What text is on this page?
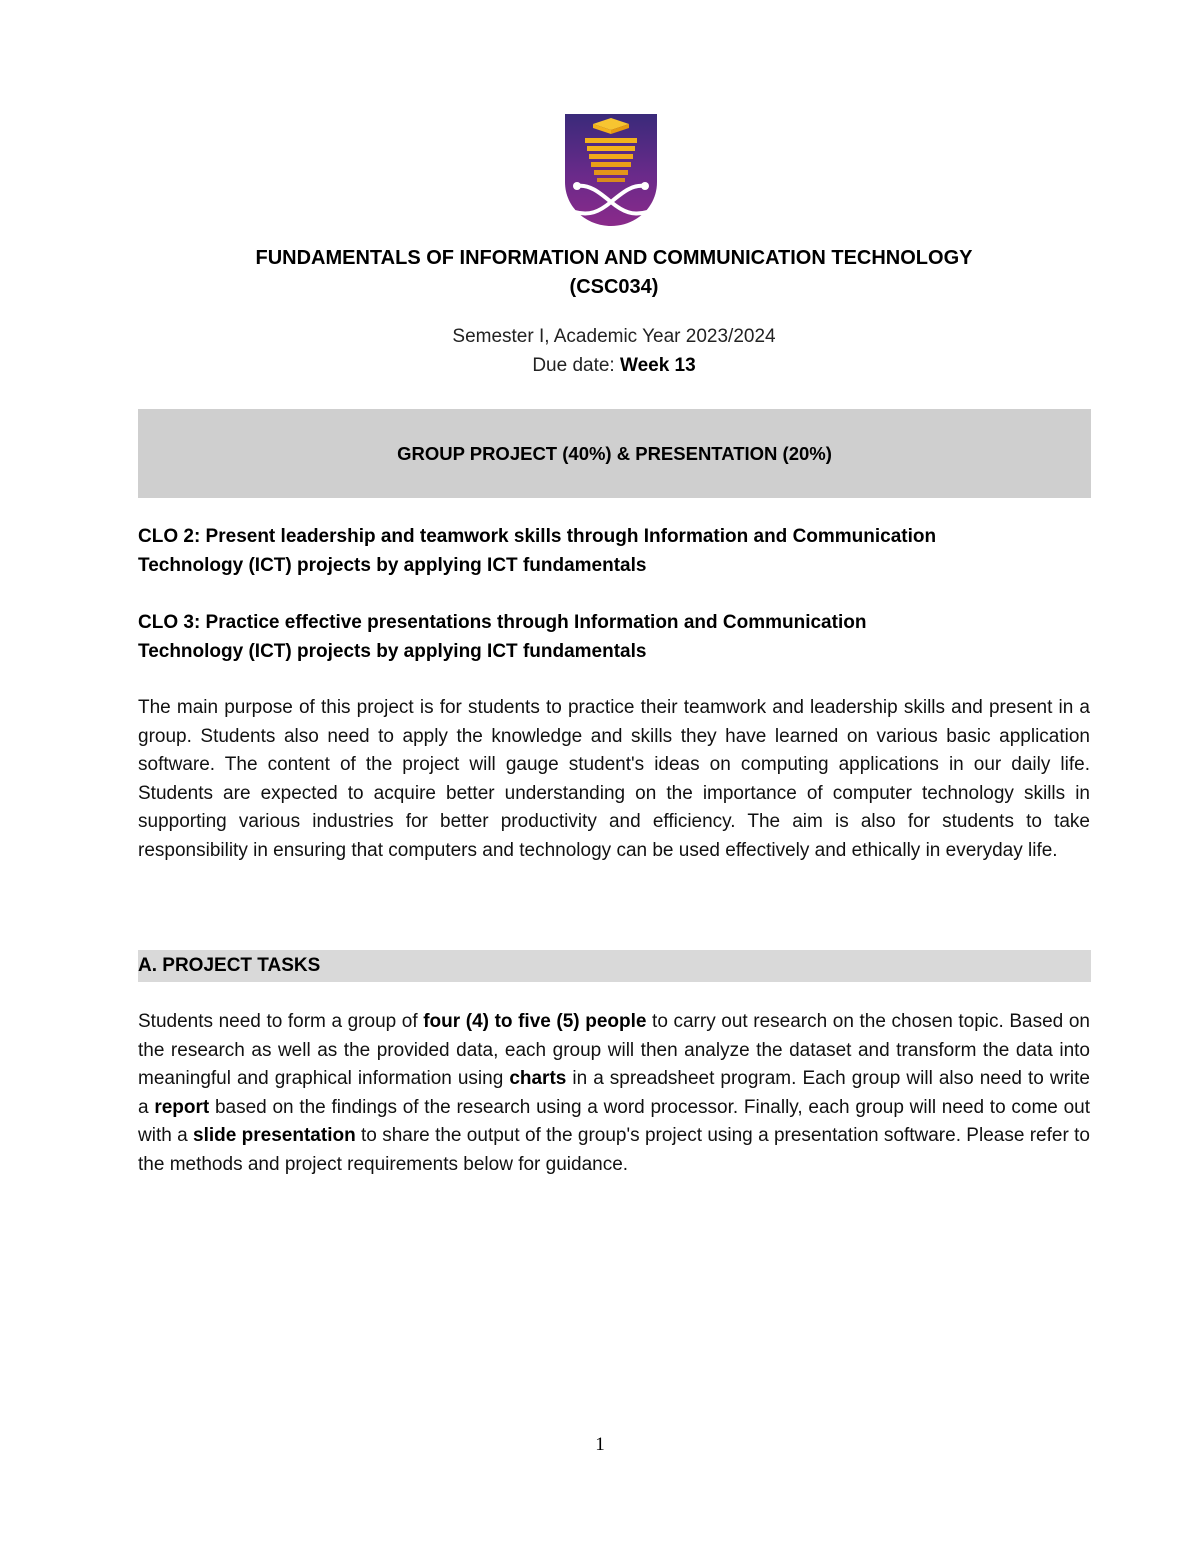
FUNDAMENTALS OF INFORMATION AND COMMUNICATION TECHNOLOGY
(CSC034)
Semester I, Academic Year 2023/2024
Due date: Week 13
GROUP PROJECT (40%) & PRESENTATION (20%)
CLO 2: Present leadership and teamwork skills through Information and Communication
Technology (ICT) projects by applying ICT fundamentals
CLO 3: Practice effective presentations through Information and Communication
Technology (ICT) projects by applying ICT fundamentals

The main purpose of this project is for students to practice their teamwork and leadership skills and present in a group. Students also need to apply the knowledge and skills they have learned on various basic application software. The content of the project will gauge student's ideas on computing applications in our daily life. Students are expected to acquire better understanding on the importance of computer technology skills in supporting various industries for better productivity and efficiency. The aim is also for students to take responsibility in ensuring that computers and technology can be used effectively and ethically in everyday life.

A. PROJECT TASKS

Students need to form a group of four (4) to five (5) people to carry out research on the chosen topic. Based on the research as well as the provided data, each group will then analyze the dataset and transform the data into meaningful and graphical information using charts in a spreadsheet program. Each group will also need to write a report based on the findings of the research using a word processor. Finally, each group will need to come out with a slide presentation to share the output of the group's project using a presentation software. Please refer to the methods and project requirements below for guidance.

1
